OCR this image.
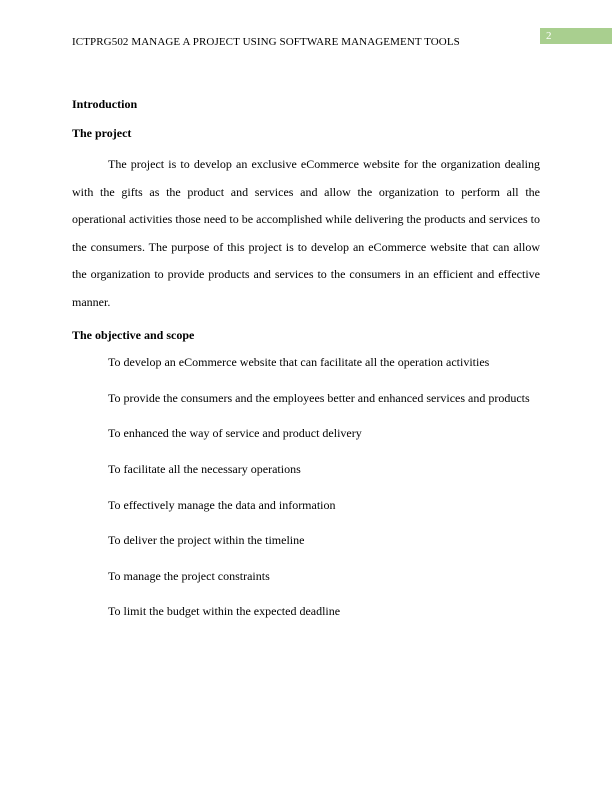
ICTPRG502 MANAGE A PROJECT USING SOFTWARE MANAGEMENT TOOLS	2
Introduction
The project

The project is to develop an exclusive eCommerce website for the organization dealing with the gifts as the product and services and allow the organization to perform all the operational activities those need to be accomplished while delivering the products and services to the consumers. The purpose of this project is to develop an eCommerce website that can allow the organization to provide products and services to the consumers in an efficient and effective manner.

The objective and scope
To develop an eCommerce website that can facilitate all the operation activities
To provide the consumers and the employees better and enhanced services and products
To enhanced the way of service and product delivery
To facilitate all the necessary operations
To effectively manage the data and information
To deliver the project within the timeline
To manage the project constraints
To limit the budget within the expected deadline
